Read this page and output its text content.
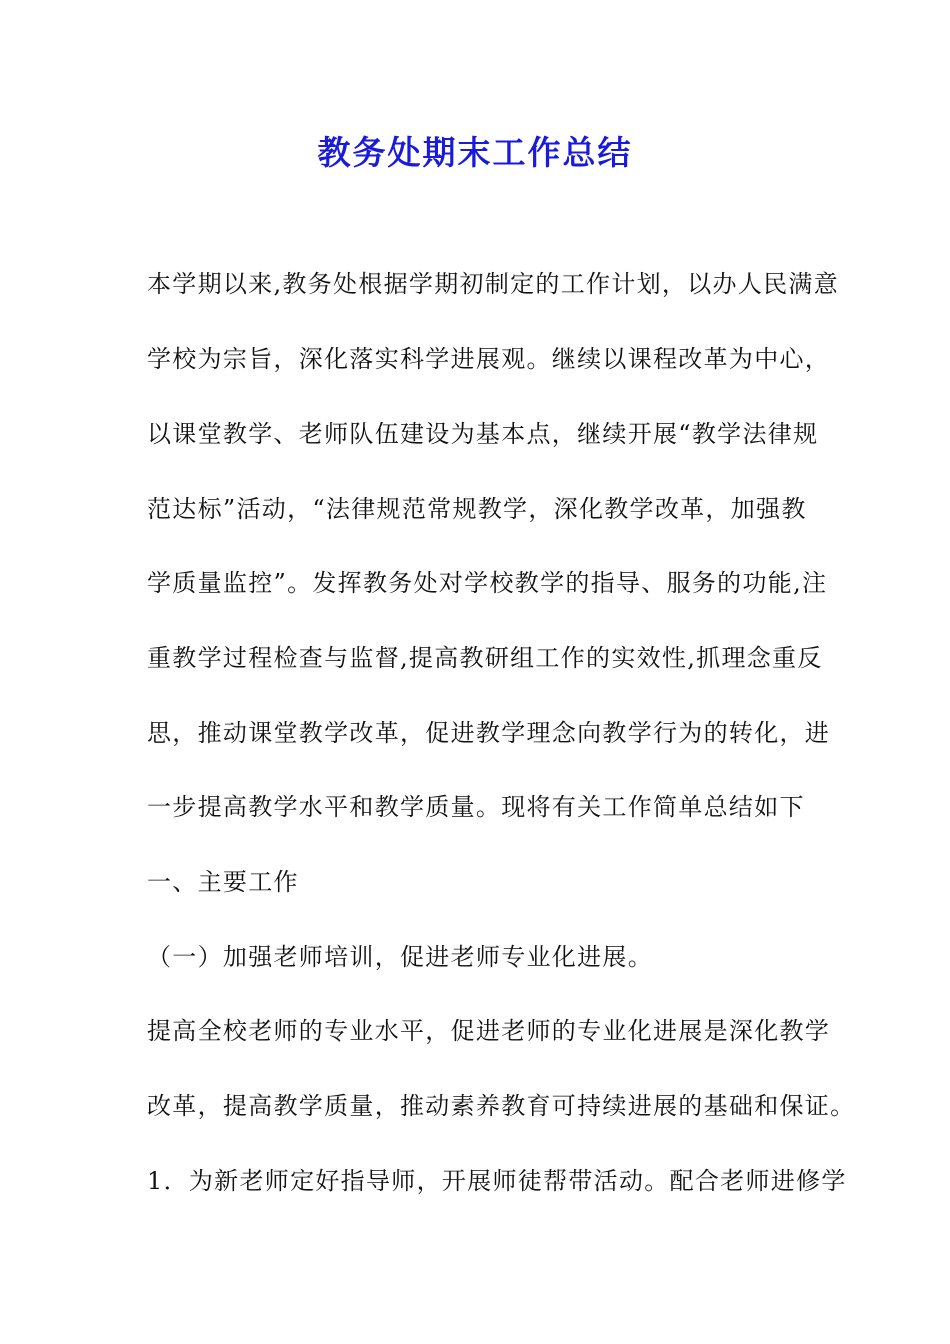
教务处期末工作总结
本学期以来,教务处根据学期初制定的工作计划，以办人民满意
学校为宗旨，深化落实科学进展观。继续以课程改革为中心，
以课堂教学、老师队伍建设为基本点，继续开展“教学法律规
范达标”活动，“法律规范常规教学，深化教学改革，加强教
学质量监控”。发挥教务处对学校教学的指导、服务的功能,注
重教学过程检查与监督,提高教研组工作的实效性,抓理念重反
思，推动课堂教学改革，促进教学理念向教学行为的转化，进
一步提高教学水平和教学质量。现将有关工作简单总结如下
一、主要工作
（一）加强老师培训，促进老师专业化进展。
提高全校老师的专业水平，促进老师的专业化进展是深化教学
改革，提高教学质量，推动素养教育可持续进展的基础和保证。
1．为新老师定好指导师，开展师徒帮带活动。配合老师进修学
